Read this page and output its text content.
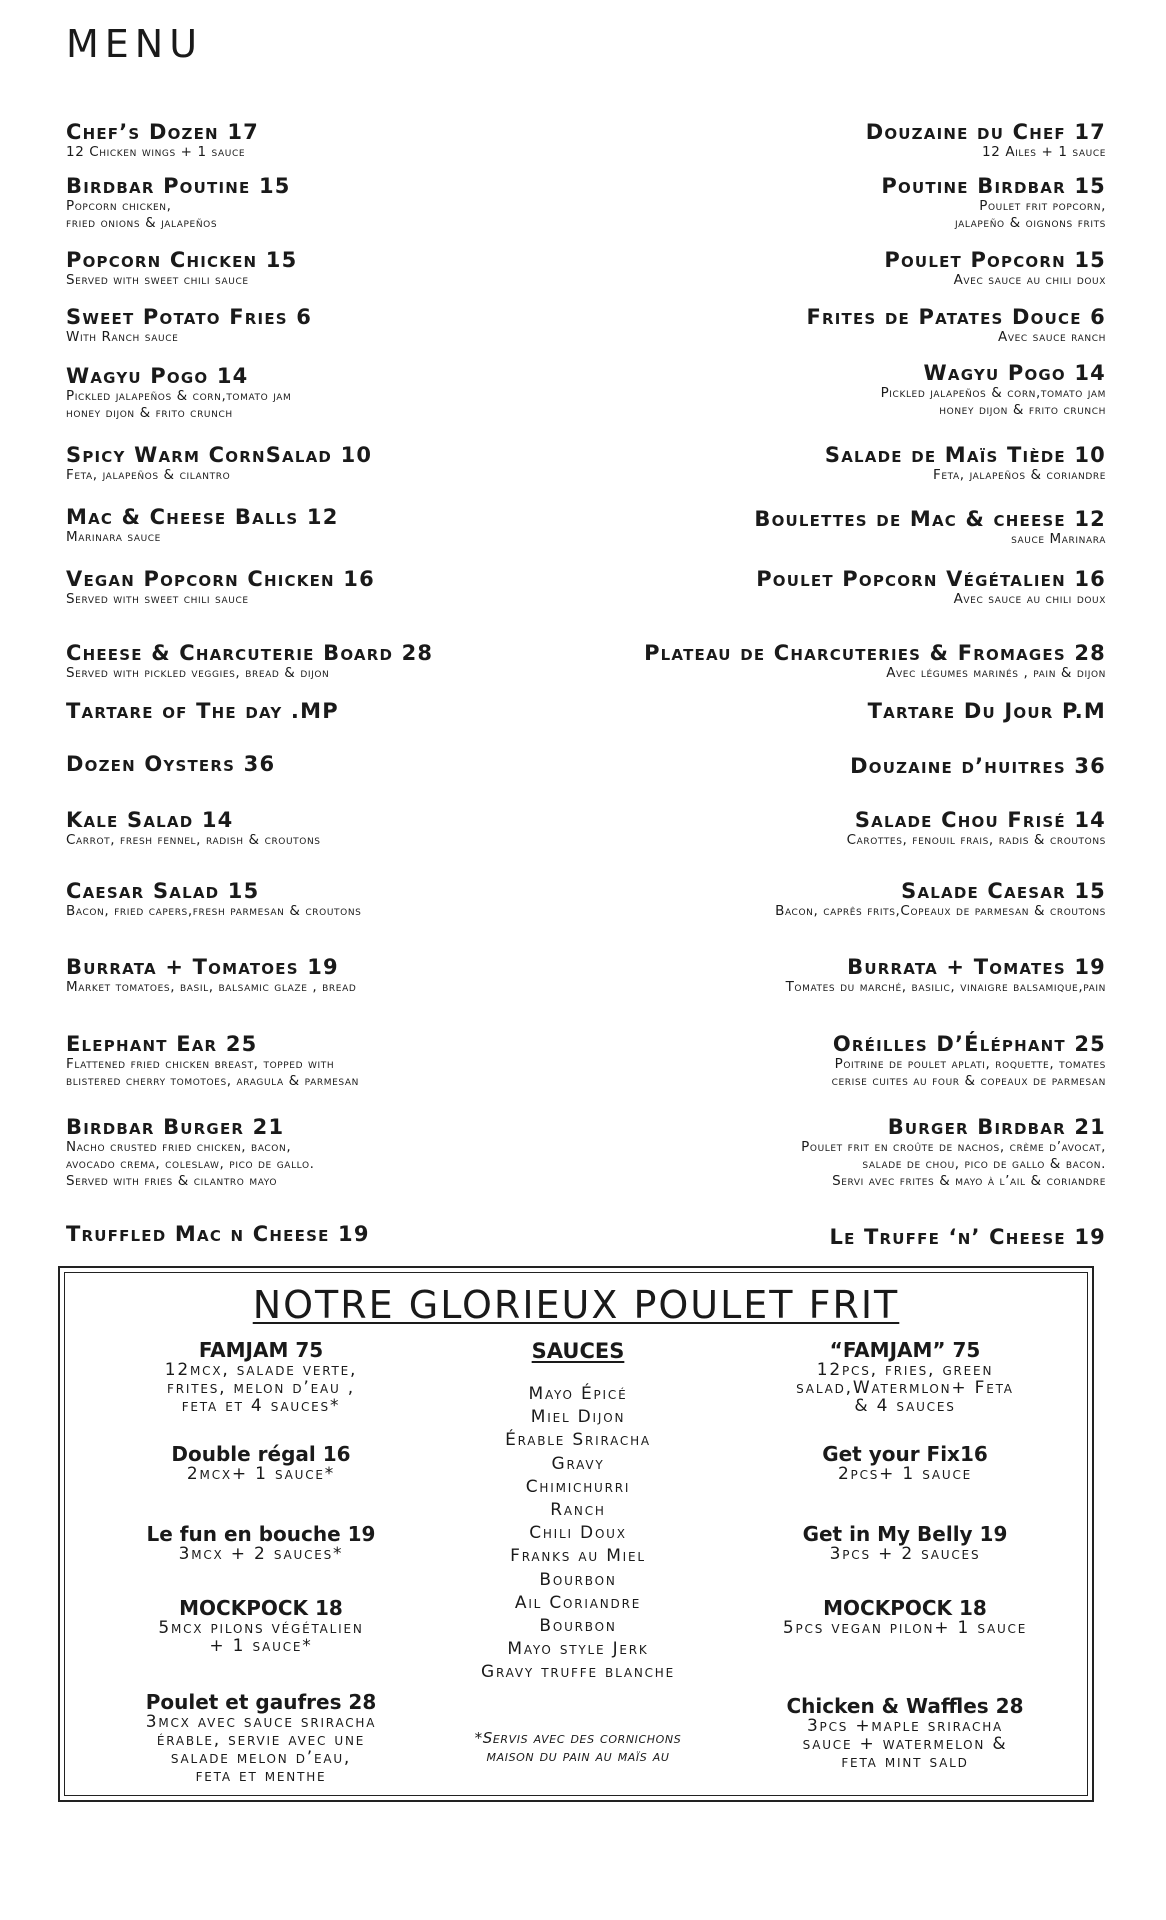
MENU
Chef’s Dozen 17
12 Chicken wings + 1 sauce
Douzaine du Chef 17
12 Ailes + 1 sauce
Birdbar Poutine 15
Popcorn chicken,
fried onions & jalapeños
Poutine Birdbar 15
Poulet frit popcorn,
jalapeño & oignons frits
Popcorn Chicken 15
Served with sweet chili sauce
Poulet Popcorn 15
Avec sauce au chili doux
Sweet Potato Fries 6
With Ranch sauce
Frites de Patates Douce 6
Avec sauce ranch
Wagyu Pogo 14
Pickled jalapeños & corn,tomato jam
honey dijon & frito crunch
Wagyu Pogo 14
Pickled jalapeños & corn,tomato jam
honey dijon & frito crunch
Spicy Warm CornSalad 10
Feta, jalapeños & cilantro
Salade de Maïs Tiède 10
Feta, jalapeños & coriandre
Mac & Cheese Balls 12
Marinara sauce
Boulettes de Mac & cheese 12
sauce Marinara
Vegan Popcorn Chicken 16
Served with sweet chili sauce
Poulet Popcorn Végétalien 16
Avec sauce au chili doux
Cheese & Charcuterie Board 28
Served with pickled veggies, bread & dijon
Plateau de Charcuteries & Fromages 28
Avec légumes marinés , pain & dijon
Tartare of The day .MP	Tartare Du Jour P.M
Dozen Oysters 36	Douzaine d’huitres 36
Kale Salad 14
Carrot, fresh fennel, radish & croutons
Salade Chou Frisé 14
Carottes, fenouil frais, radis & croutons
Caesar Salad 15
Bacon, fried capers,fresh parmesan & croutons
Salade Caesar 15
Bacon, caprês frits,Copeaux de parmesan & croutons
Burrata + Tomatoes 19
Market tomatoes, basil, balsamic glaze , bread
Burrata + Tomates 19
Tomates du marché, basilic, vinaigre balsamique,pain
Elephant Ear 25
Flattened fried chicken breast, topped with
blistered cherry tomotoes, aragula & parmesan
Oréilles D’Éléphant 25
Poitrine de poulet aplati, roquette, tomates
cerise cuites au four & copeaux de parmesan
Birdbar Burger 21
Nacho crusted fried chicken, bacon,
avocado crema, coleslaw, pico de gallo.
Served with fries & cilantro mayo
Burger Birdbar 21
Poulet frit en croûte de nachos, crème d’avocat,
salade de chou, pico de gallo & bacon.
Servi avec frites & mayo à l’ail & coriandre
Truffled Mac n Cheese 19	Le Truffe ‘n’ Cheese 19
NOTRE GLORIEUX POULET FRIT
FAMJAM 75
12mcx, salade verte,
frites, melon d’eau ,
feta et 4 sauces*
Double régal 16
2mcx+ 1 sauce*
Le fun en bouche 19
3mcx + 2 sauces*
MOCKPOCK 18
5mcx pilons végétalien
+ 1 sauce*
Poulet et gaufres 28
3mcx avec sauce sriracha
érable, servie avec une
salade melon d’eau,
feta et menthe
SAUCES
Mayo Épicé
Miel Dijon
Érable Sriracha
Gravy
Chimichurri
Ranch
Chili Doux
Franks au Miel
Bourbon
Ail Coriandre
Bourbon
Mayo style Jerk
Gravy truffe blanche
*Servis avec des cornichons
maison du pain au maïs au
“FAMJAM” 75
12pcs, fries, green
salad,Watermlon+ Feta
& 4 sauces
Get your Fix16
2pcs+ 1 sauce
Get in My Belly 19
3pcs + 2 sauces
MOCKPOCK 18
5pcs vegan pilon+ 1 sauce
Chicken & Waffles 28
3pcs +maple sriracha
sauce + watermelon &
feta mint sald
